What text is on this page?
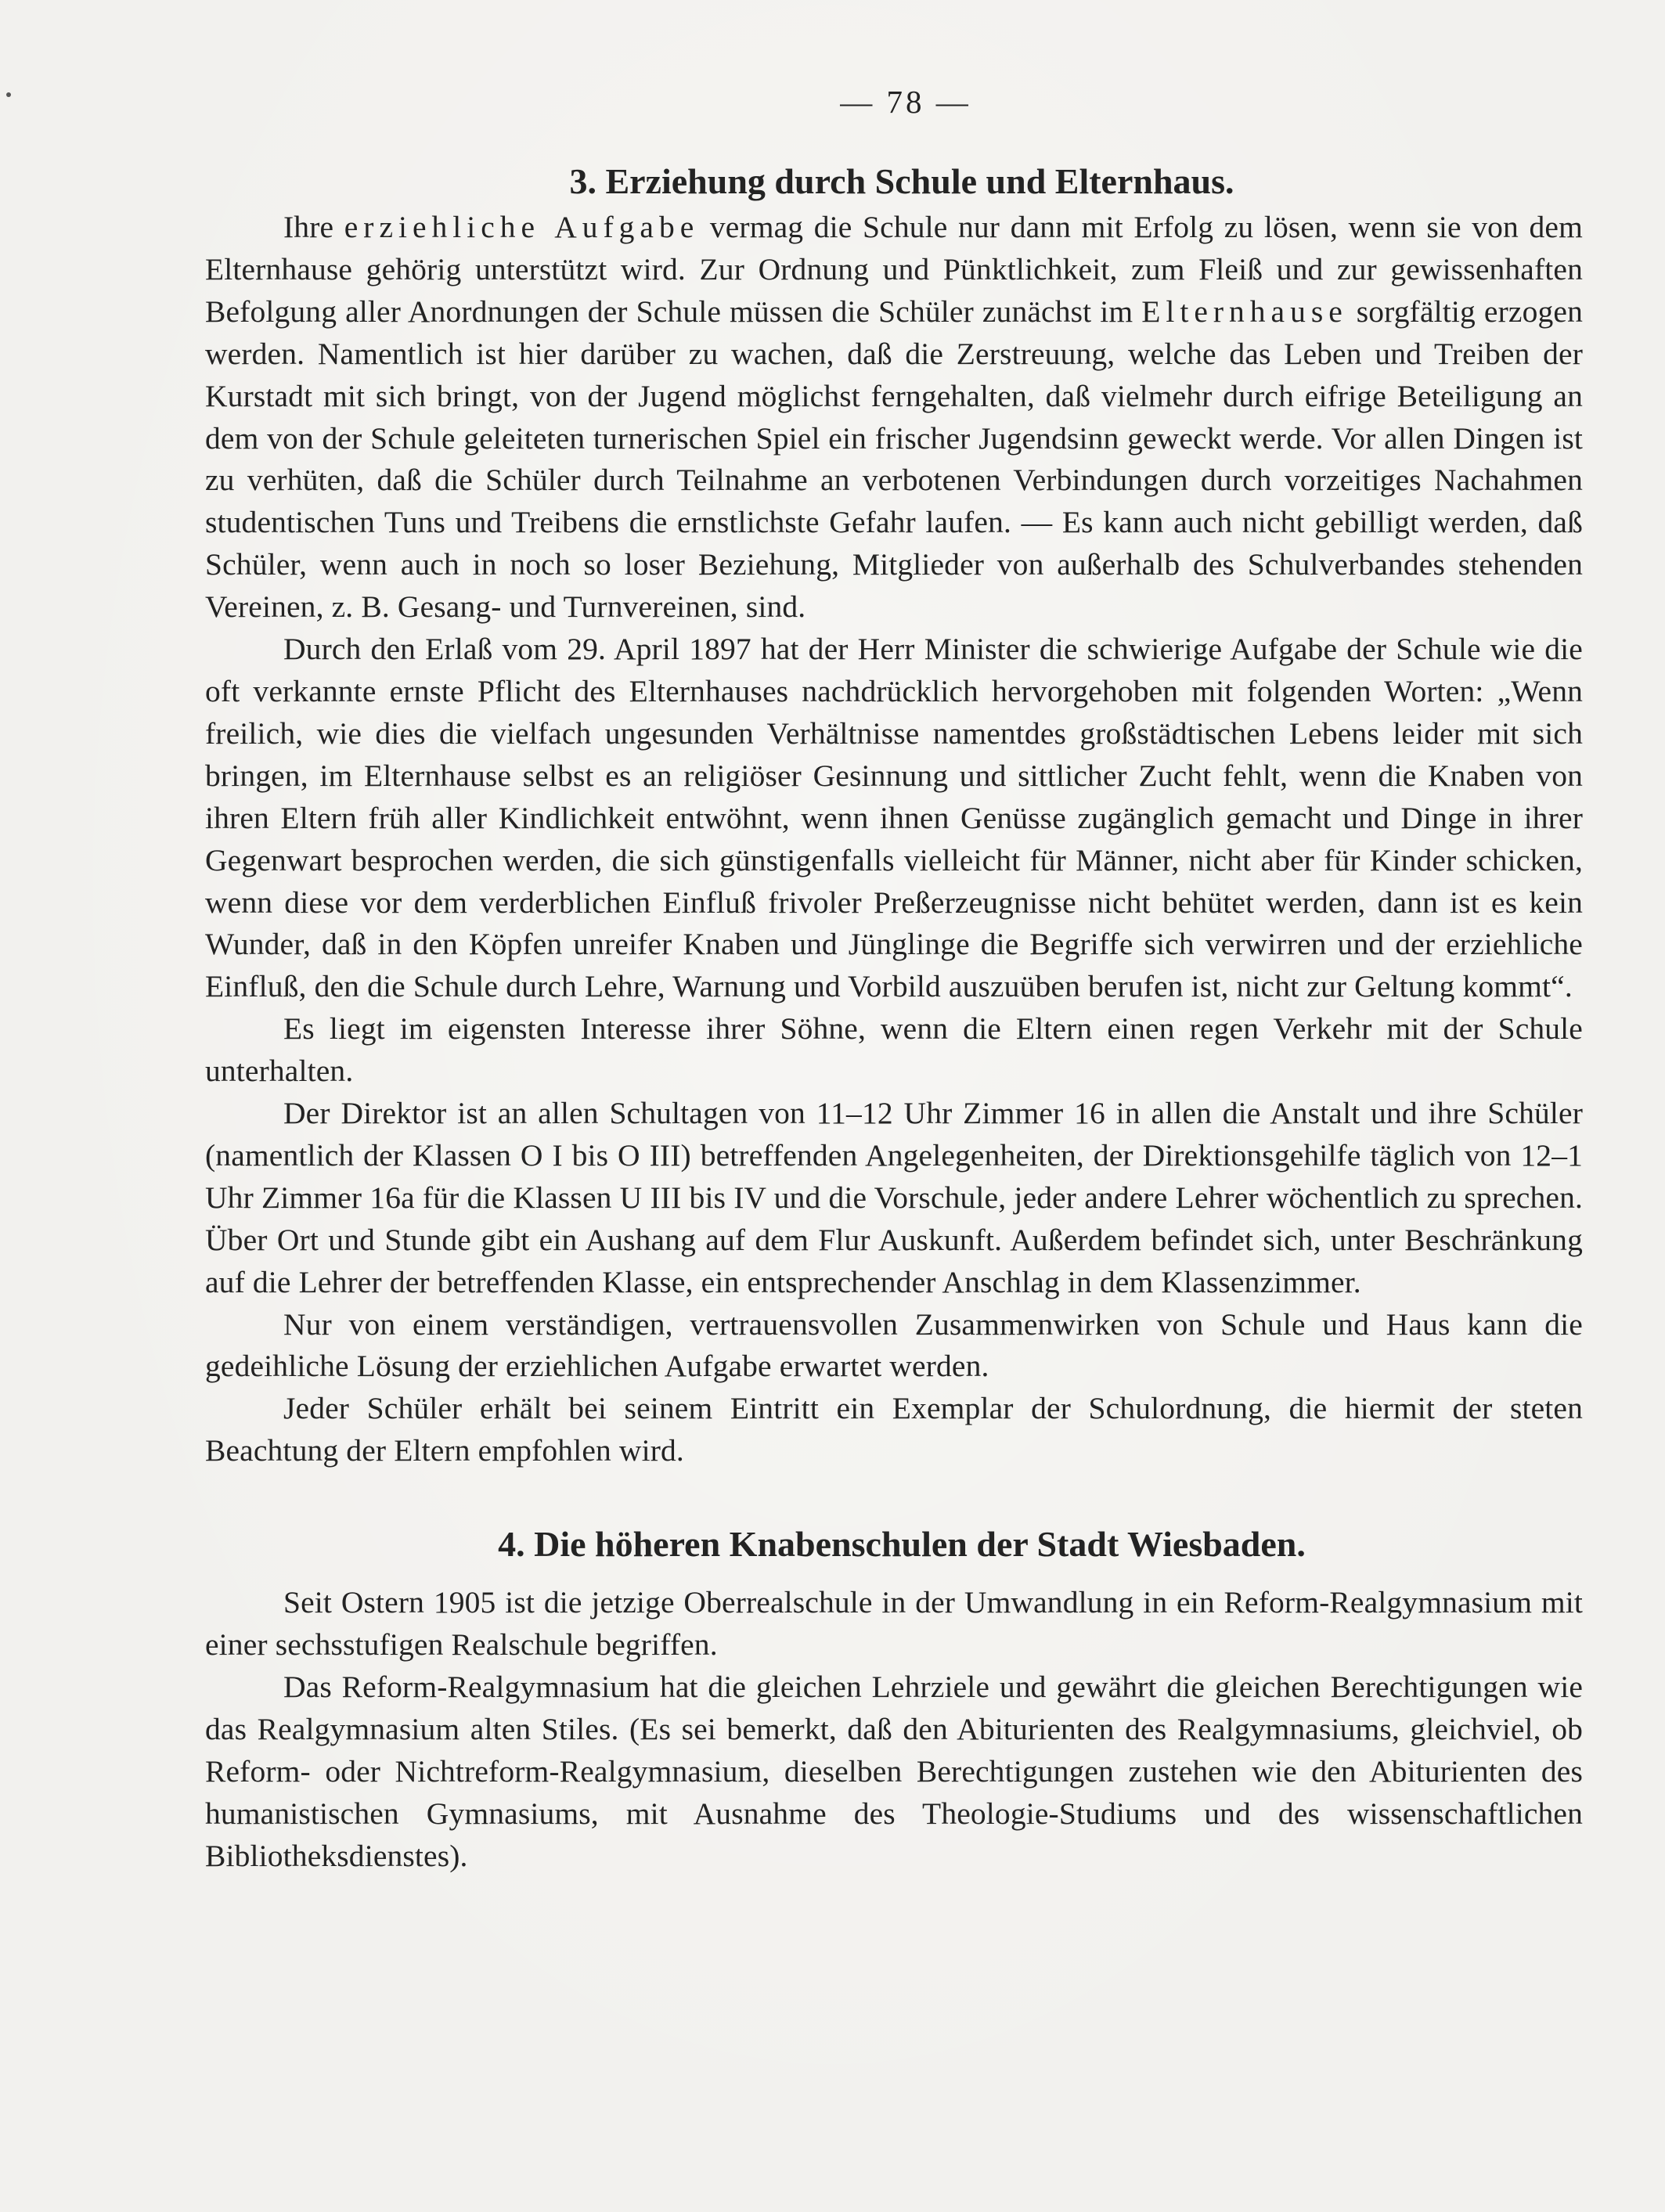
— 78 —
3. Erziehung durch Schule und Elternhaus.

Ihre erziehliche Aufgabe vermag die Schule nur dann mit Erfolg zu lösen, wenn sie von dem Elternhause gehörig unterstützt wird. Zur Ordnung und Pünktlichkeit, zum Fleiß und zur gewissenhaften Befolgung aller Anordnungen der Schule müssen die Schüler zunächst im Elternhause sorgfältig erzogen werden. Namentlich ist hier darüber zu wachen, daß die Zerstreuung, welche das Leben und Treiben der Kurstadt mit sich bringt, von der Jugend möglichst ferngehalten, daß vielmehr durch eifrige Beteiligung an dem von der Schule geleiteten turnerischen Spiel ein frischer Jugendsinn geweckt werde. Vor allen Dingen ist zu verhüten, daß die Schüler durch Teilnahme an verbotenen Verbindungen durch vorzeitiges Nachahmen studentischen Tuns und Treibens die ernstlichste Gefahr laufen. — Es kann auch nicht gebilligt werden, daß Schüler, wenn auch in noch so loser Beziehung, Mitglieder von außerhalb des Schulverbandes stehenden Vereinen, z. B. Gesang- und Turnvereinen, sind.

Durch den Erlaß vom 29. April 1897 hat der Herr Minister die schwierige Aufgabe der Schule wie die oft verkannte ernste Pflicht des Elternhauses nachdrücklich hervorgehoben mit folgenden Worten: „Wenn freilich, wie dies die vielfach ungesunden Verhältnisse namentdes großstädtischen Lebens leider mit sich bringen, im Elternhause selbst es an religiöser Gesinnung und sittlicher Zucht fehlt, wenn die Knaben von ihren Eltern früh aller Kindlichkeit entwöhnt, wenn ihnen Genüsse zugänglich gemacht und Dinge in ihrer Gegenwart besprochen werden, die sich günstigenfalls vielleicht für Männer, nicht aber für Kinder schicken, wenn diese vor dem verderblichen Einfluß frivoler Preßerzeugnisse nicht behütet werden, dann ist es kein Wunder, daß in den Köpfen unreifer Knaben und Jünglinge die Begriffe sich verwirren und der erziehliche Einfluß, den die Schule durch Lehre, Warnung und Vorbild auszuüben berufen ist, nicht zur Geltung kommt“.

Es liegt im eigensten Interesse ihrer Söhne, wenn die Eltern einen regen Verkehr mit der Schule unterhalten.

Der Direktor ist an allen Schultagen von 11–12 Uhr Zimmer 16 in allen die Anstalt und ihre Schüler (namentlich der Klassen O I bis O III) betreffenden Angelegenheiten, der Direktionsgehilfe täglich von 12–1 Uhr Zimmer 16a für die Klassen U III bis IV und die Vorschule, jeder andere Lehrer wöchentlich zu sprechen. Über Ort und Stunde gibt ein Aushang auf dem Flur Auskunft. Außerdem befindet sich, unter Beschränkung auf die Lehrer der betreffenden Klasse, ein entsprechender Anschlag in dem Klassenzimmer.

Nur von einem verständigen, vertrauensvollen Zusammenwirken von Schule und Haus kann die gedeihliche Lösung der erziehlichen Aufgabe erwartet werden.

Jeder Schüler erhält bei seinem Eintritt ein Exemplar der Schulordnung, die hiermit der steten Beachtung der Eltern empfohlen wird.

4. Die höheren Knabenschulen der Stadt Wiesbaden.

Seit Ostern 1905 ist die jetzige Oberrealschule in der Umwandlung in ein Reform-Realgymnasium mit einer sechsstufigen Realschule begriffen.

Das Reform-Realgymnasium hat die gleichen Lehrziele und gewährt die gleichen Berechtigungen wie das Realgymnasium alten Stiles. (Es sei bemerkt, daß den Abiturienten des Realgymnasiums, gleichviel, ob Reform- oder Nichtreform-Realgymnasium, dieselben Berechtigungen zustehen wie den Abiturienten des humanistischen Gymnasiums, mit Ausnahme des Theologie-Studiums und des wissenschaftlichen Bibliotheksdienstes).
